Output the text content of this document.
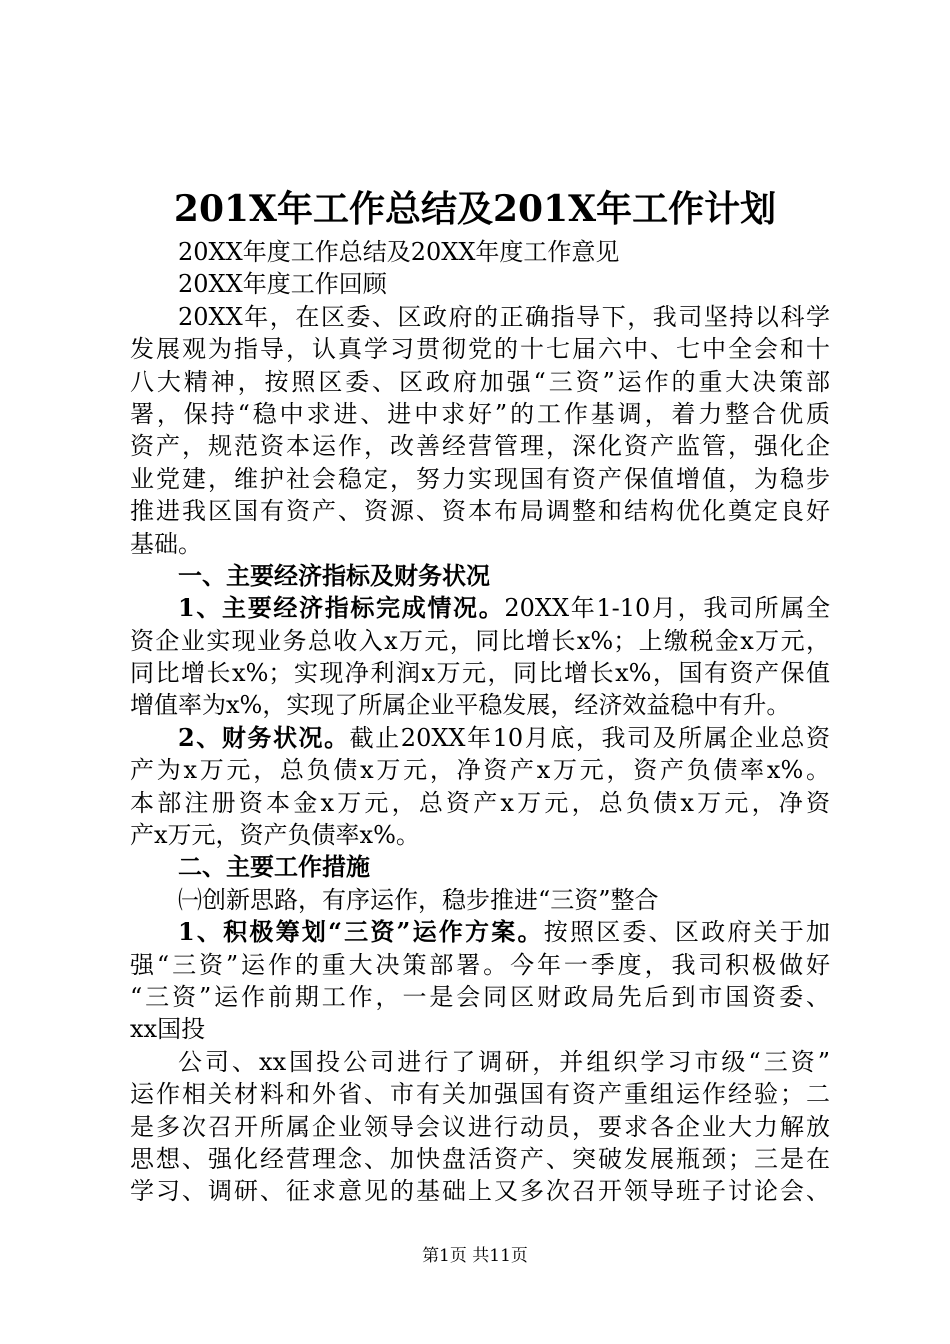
201X年工作总结及201X年工作计划
20XX年度工作总结及20XX年度工作意见
20XX年度工作回顾
20XX年，在区委、区政府的正确指导下，我司坚持以科学
发展观为指导，认真学习贯彻党的十七届六中、七中全会和十
八大精神，按照区委、区政府加强“三资”运作的重大决策部
署，保持“稳中求进、进中求好”的工作基调，着力整合优质
资产，规范资本运作，改善经营管理，深化资产监管，强化企
业党建，维护社会稳定，努力实现国有资产保值增值，为稳步
推进我区国有资产、资源、资本布局调整和结构优化奠定良好
基础。
一、主要经济指标及财务状况
1、主要经济指标完成情况。20XX年1-10月，我司所属全
资企业实现业务总收入x万元，同比增长x%；上缴税金x万元，
同比增长x%；实现净利润x万元，同比增长x%，国有资产保值
增值率为x%，实现了所属企业平稳发展，经济效益稳中有升。
2、财务状况。截止20XX年10月底，我司及所属企业总资
产为x万元，总负债x万元，净资产x万元，资产负债率x%。
本部注册资本金x万元，总资产x万元，总负债x万元，净资
产x万元，资产负债率x%。
二、主要工作措施
㈠创新思路，有序运作，稳步推进“三资”整合
1、积极筹划“三资”运作方案。按照区委、区政府关于加
强“三资”运作的重大决策部署。今年一季度，我司积极做好
“三资”运作前期工作，一是会同区财政局先后到市国资委、
xx国投
公司、xx国投公司进行了调研，并组织学习市级“三资”
运作相关材料和外省、市有关加强国有资产重组运作经验；二
是多次召开所属企业领导会议进行动员，要求各企业大力解放
思想、强化经营理念、加快盘活资产、突破发展瓶颈；三是在
学习、调研、征求意见的基础上又多次召开领导班子讨论会、
第1页 共11页
